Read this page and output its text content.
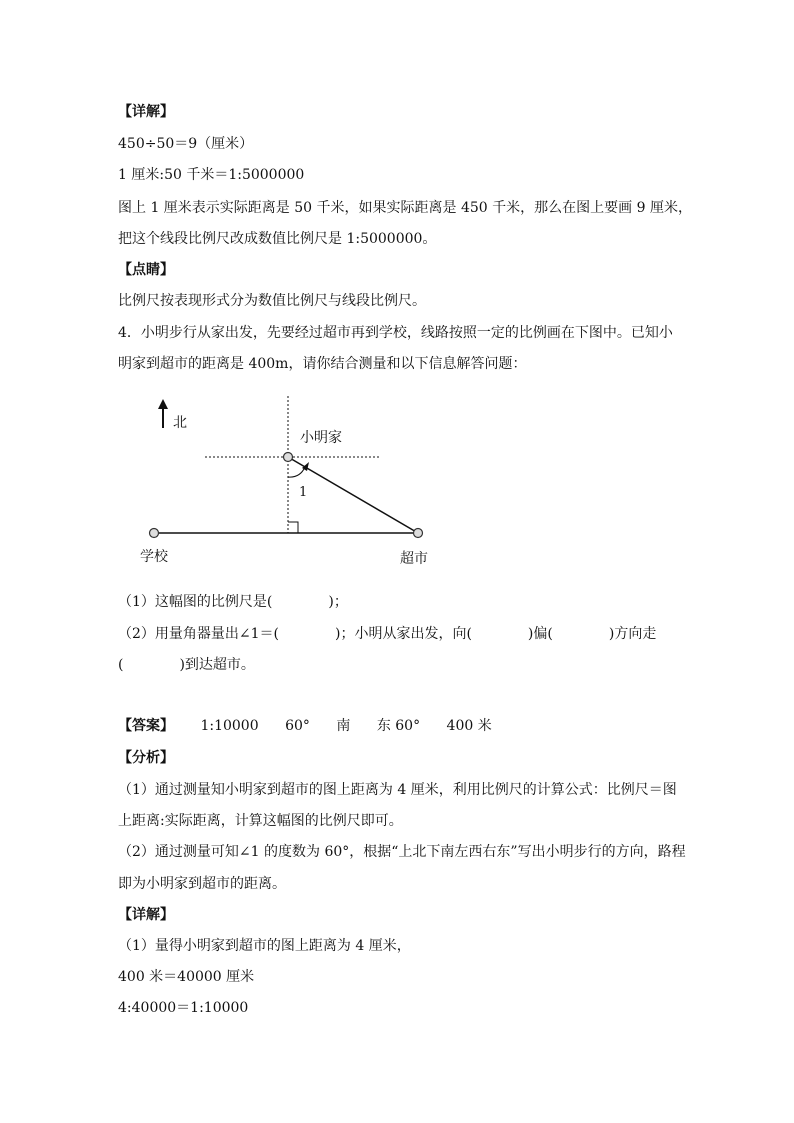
【详解】
450÷50＝9（厘米）
1 厘米:50 千米＝1:5000000
图上 1 厘米表示实际距离是 50 千米，如果实际距离是 450 千米，那么在图上要画 9 厘米，
把这个线段比例尺改成数值比例尺是 1:5000000。
【点睛】
比例尺按表现形式分为数值比例尺与线段比例尺。
4．小明步行从家出发，先要经过超市再到学校，线路按照一定的比例画在下图中。已知小
明家到超市的距离是 400m，请你结合测量和以下信息解答问题：
北
1
小明家
学校	超市
（1）这幅图的比例尺是(　　　　)；
（2）用量角器量出∠1＝(　　　　)；小明从家出发，向(　　　　)偏(　　　　)方向走
(　　　　)到达超市。
【答案】 1:10000 60° 南 东 60° 400 米
【分析】
（1）通过测量知小明家到超市的图上距离为 4 厘米，利用比例尺的计算公式：比例尺＝图
上距离:实际距离，计算这幅图的比例尺即可。
（2）通过测量可知∠1 的度数为 60°，根据“上北下南左西右东”写出小明步行的方向，路程
即为小明家到超市的距离。
【详解】
（1）量得小明家到超市的图上距离为 4 厘米，
400 米＝40000 厘米
4:40000＝1:10000
